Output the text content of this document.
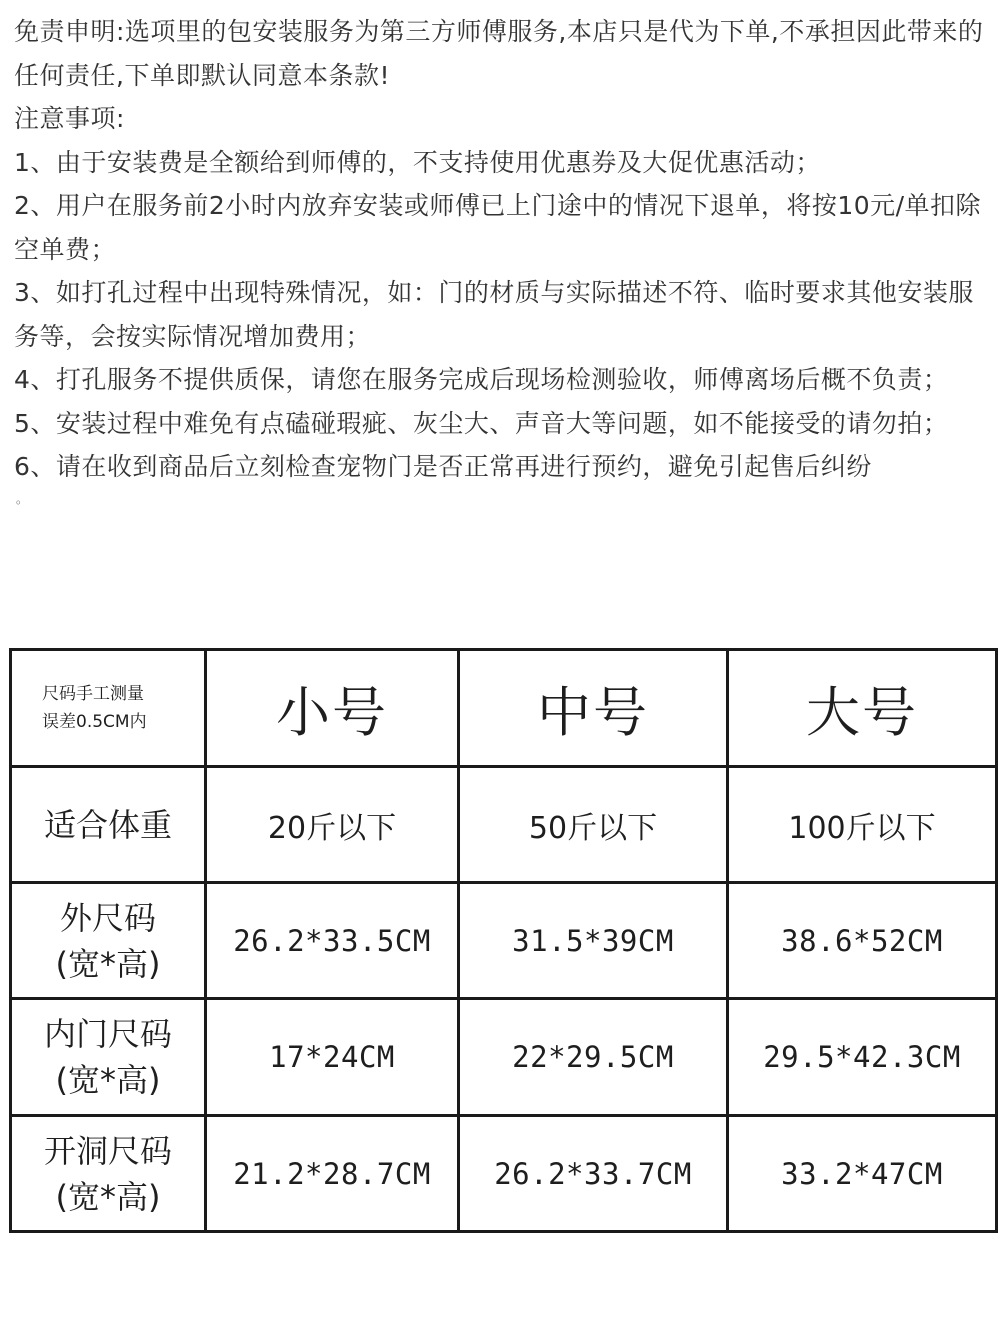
免责申明:选项里的包安装服务为第三方师傅服务,本店只是代为下单,不承担因此带来的任何责任,下单即默认同意本条款!

注意事项:

1、由于安装费是全额给到师傅的，不支持使用优惠券及大促优惠活动；

2、用户在服务前2小时内放弃安装或师傅已上门途中的情况下退单，将按10元/单扣除空单费；

3、如打孔过程中出现特殊情况，如：门的材质与实际描述不符、临时要求其他安装服务等，会按实际情况增加费用；

4、打孔服务不提供质保，请您在服务完成后现场检测验收，师傅离场后概不负责；

5、安装过程中难免有点磕碰瑕疵、灰尘大、声音大等问题，如不能接受的请勿拍；

6、请在收到商品后立刻检查宠物门是否正常再进行预约，避免引起售后纠纷

。

尺码手工测量
误差0.5CM内	小号	中号	大号

适合体重	20斤以下	50斤以下	100斤以下

外尺码
(宽*高)	26.2*33.5CM	31.5*39CM	38.6*52CM

内门尺码
(宽*高)	17*24CM	22*29.5CM	29.5*42.3CM

开洞尺码
(宽*高)	21.2*28.7CM	26.2*33.7CM	33.2*47CM
